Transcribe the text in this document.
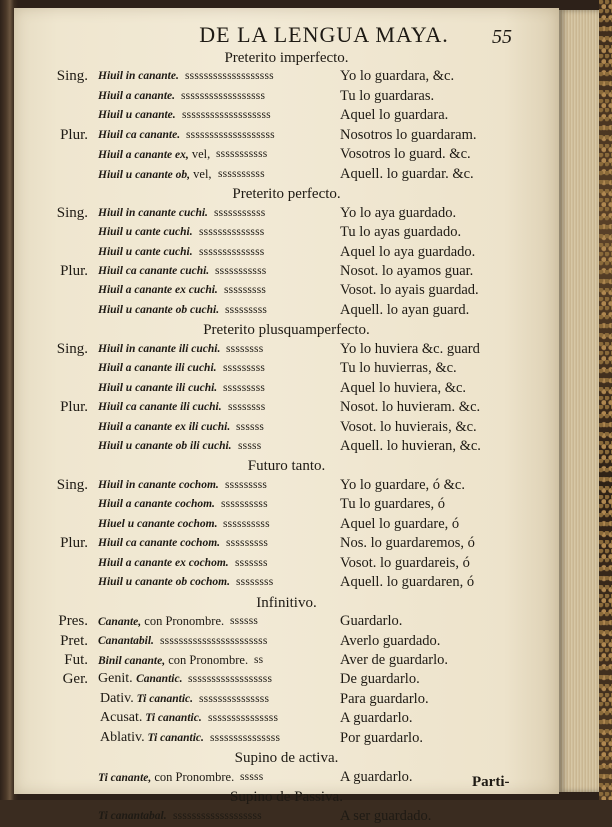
DE LA LENGUA MAYA.	55
Preterito imperfecto.
Sing. Hiuil in canante. sssssssssssssssssss	Yo lo guardara, &c.
Hiuil a canante. ssssssssssssssssss	Tu lo guardaras.
Hiuil u canante. sssssssssssssssssss	Aquel lo guardara.
Plur. Hiuil ca canante. sssssssssssssssssss	Nosotros lo guardaram.
Hiuil a canante ex, vel, sssssssssss	Vosotros lo guard. &c.
Hiuil u canante ob, vel, ssssssssss	Aquell. lo guardar. &c.
Preterito perfecto.
Sing. Hiuil in canante cuchi. sssssssssss	Yo lo aya guardado.
Hiuil u cante cuchi. ssssssssssssss	Tu lo ayas guardado.
Hiuil u cante cuchi. ssssssssssssss	Aquel lo aya guardado.
Plur. Hiuil ca canante cuchi. sssssssssss	Nosot. lo ayamos guar.
Hiuil a canante ex cuchi. sssssssss	Vosot. lo ayais guardad.
Hiuil u canante ob cuchi. sssssssss	Aquell. lo ayan guard.
Preterito plusquamperfecto.
Sing. Hiuil in canante ili cuchi. ssssssss	Yo lo huviera &c. guard
Hiuil a canante ili cuchi. sssssssss	Tu lo huvierras, &c.
Hiuil u canante ili cuchi. sssssssss	Aquel lo huviera, &c.
Plur. Hiuil ca canante ili cuchi. ssssssss	Nosot. lo huvieram. &c.
Hiuil a canante ex ili cuchi. ssssss	Vosot. lo huvierais, &c.
Hiuil u canante ob ili cuchi. sssss	Aquell. lo huvieran, &c.
Futuro tanto.
Sing. Hiuil in canante cochom. sssssssss	Yo lo guardare, ó &c.
Hiuil a canante cochom. ssssssssss	Tu lo guardares, ó
Hiuel u canante cochom. ssssssssss	Aquel lo guardare, ó
Plur. Hiuil ca canante cochom. sssssssss	Nos. lo guardaremos, ó
Hiuil a canante ex cochom. sssssss	Vosot. lo guardareis, ó
Hiuil u canante ob cochom. ssssssss	Aquell. lo guardaren, ó
Infinitivo.
Pres. Canante, con Pronombre. ssssss	Guardarlo.
Pret. Canantabil. sssssssssssssssssssssss	Averlo guardado.
Fut. Binil canante, con Pronombre. ss	Aver de guardarlo.
Ger. Genit. Canantic. ssssssssssssssssss	De guardarlo.
Dativ. Ti canantic. sssssssssssssss	Para guardarlo.
Acusat. Ti canantic. sssssssssssssss	A guardarlo.
Ablativ. Ti canantic. sssssssssssssss	Por guardarlo.
Supino de activa.
Ti canante, con Pronombre. sssss	A guardarlo.
Supino de Passiva.
Ti canantabal. sssssssssssssssssss	A ser guardado.
Parti-
